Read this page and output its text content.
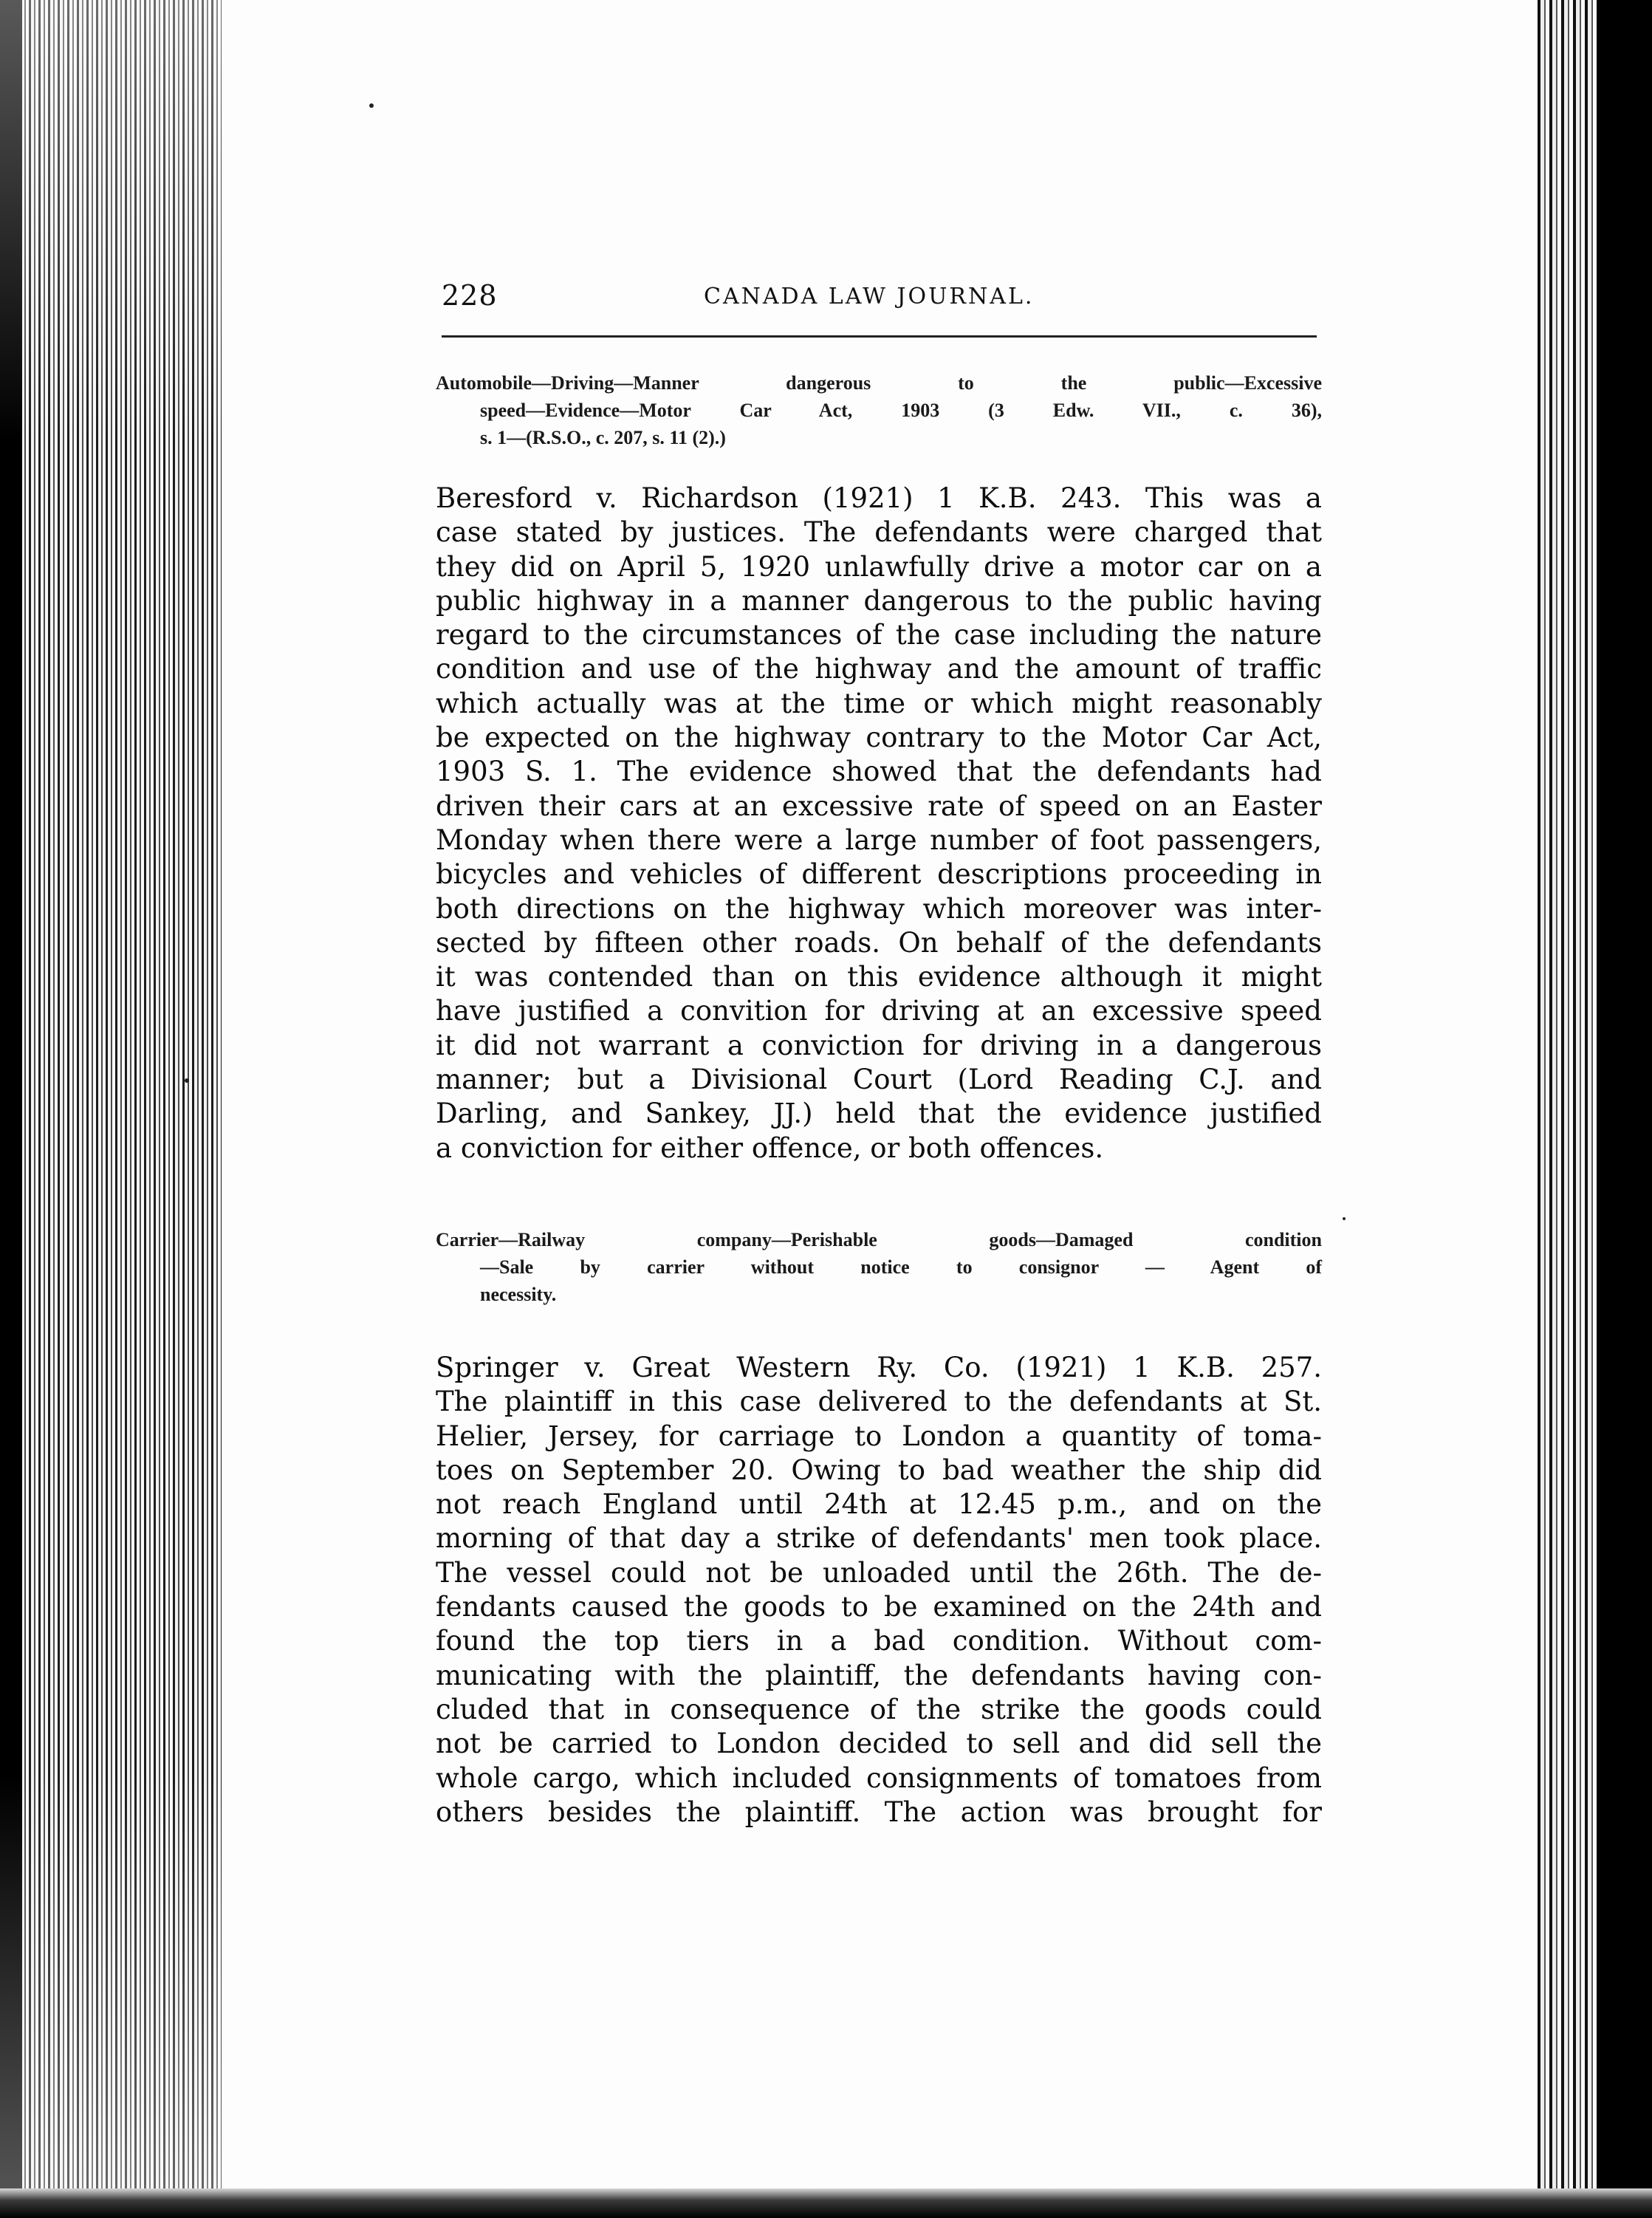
228	CANADA LAW JOURNAL.
Automobile—Driving—Manner dangerous to the public—Excessive
speed—Evidence—Motor Car Act, 1903 (3 Edw. VII., c. 36),
s. 1—(R.S.O., c. 207, s. 11 (2).)
Beresford v. Richardson (1921) 1 K.B. 243. This was a
case stated by justices. The defendants were charged that
they did on April 5, 1920 unlawfully drive a motor car on a
public highway in a manner dangerous to the public having
regard to the circumstances of the case including the nature
condition and use of the highway and the amount of traffic
which actually was at the time or which might reasonably
be expected on the highway contrary to the Motor Car Act,
1903 S. 1. The evidence showed that the defendants had
driven their cars at an excessive rate of speed on an Easter
Monday when there were a large number of foot passengers,
bicycles and vehicles of different descriptions proceeding in
both directions on the highway which moreover was inter-
sected by fifteen other roads. On behalf of the defendants
it was contended than on this evidence although it might
have justified a convition for driving at an excessive speed
it did not warrant a conviction for driving in a dangerous
manner; but a Divisional Court (Lord Reading C.J. and
Darling, and Sankey, JJ.) held that the evidence justified
a conviction for either offence, or both offences.
Carrier—Railway company—Perishable goods—Damaged condition
—Sale by carrier without notice to consignor — Agent of
necessity.
Springer v. Great Western Ry. Co. (1921) 1 K.B. 257.
The plaintiff in this case delivered to the defendants at St.
Helier, Jersey, for carriage to London a quantity of toma-
toes on September 20. Owing to bad weather the ship did
not reach England until 24th at 12.45 p.m., and on the
morning of that day a strike of defendants' men took place.
The vessel could not be unloaded until the 26th. The de-
fendants caused the goods to be examined on the 24th and
found the top tiers in a bad condition. Without com-
municating with the plaintiff, the defendants having con-
cluded that in consequence of the strike the goods could
not be carried to London decided to sell and did sell the
whole cargo, which included consignments of tomatoes from
others besides the plaintiff. The action was brought for
